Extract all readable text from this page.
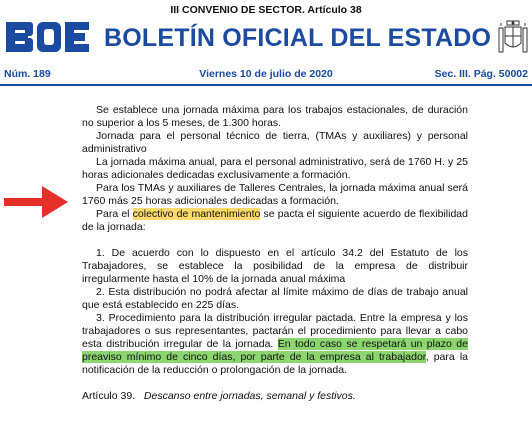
III CONVENIO DE SECTOR. Artículo 38
BOLETÍN OFICIAL DEL ESTADO
Núm. 189	Viernes 10 de julio de 2020	Sec. III. Pág. 50002

Se establece una jornada máxima para los trabajos estacionales, de duración no superior a los 5 meses, de 1.300 horas.

Jornada para el personal técnico de tierra, (TMAs y auxiliares) y personal administrativo

La jornada máxima anual, para el personal administrativo, será de 1760 H. y 25 horas adicionales dedicadas exclusivamente a formación.

Para los TMAs y auxiliares de Talleres Centrales, la jornada máxima anual será 1760 más 25 horas adicionales dedicadas a formación.

Para el colectivo de mantenimiento se pacta el siguiente acuerdo de flexibilidad de la jornada:

1. De acuerdo con lo dispuesto en el artículo 34.2 del Estatuto de los Trabajadores, se establece la posibilidad de la empresa de distribuir irregularmente hasta el 10% de la jornada anual máxima

2. Esta distribución no podrá afectar al límite máximo de días de trabajo anual que está establecido en 225 días.

3. Procedimiento para la distribución irregular pactada. Entre la empresa y los trabajadores o sus representantes, pactarán el procedimiento para llevar a cabo esta distribución irregular de la jornada. En todo caso se respetará un plazo de preaviso mínimo de cinco días, por parte de la empresa al trabajador, para la notificación de la reducción o prolongación de la jornada.

Artículo 39. Descanso entre jornadas, semanal y festivos.
